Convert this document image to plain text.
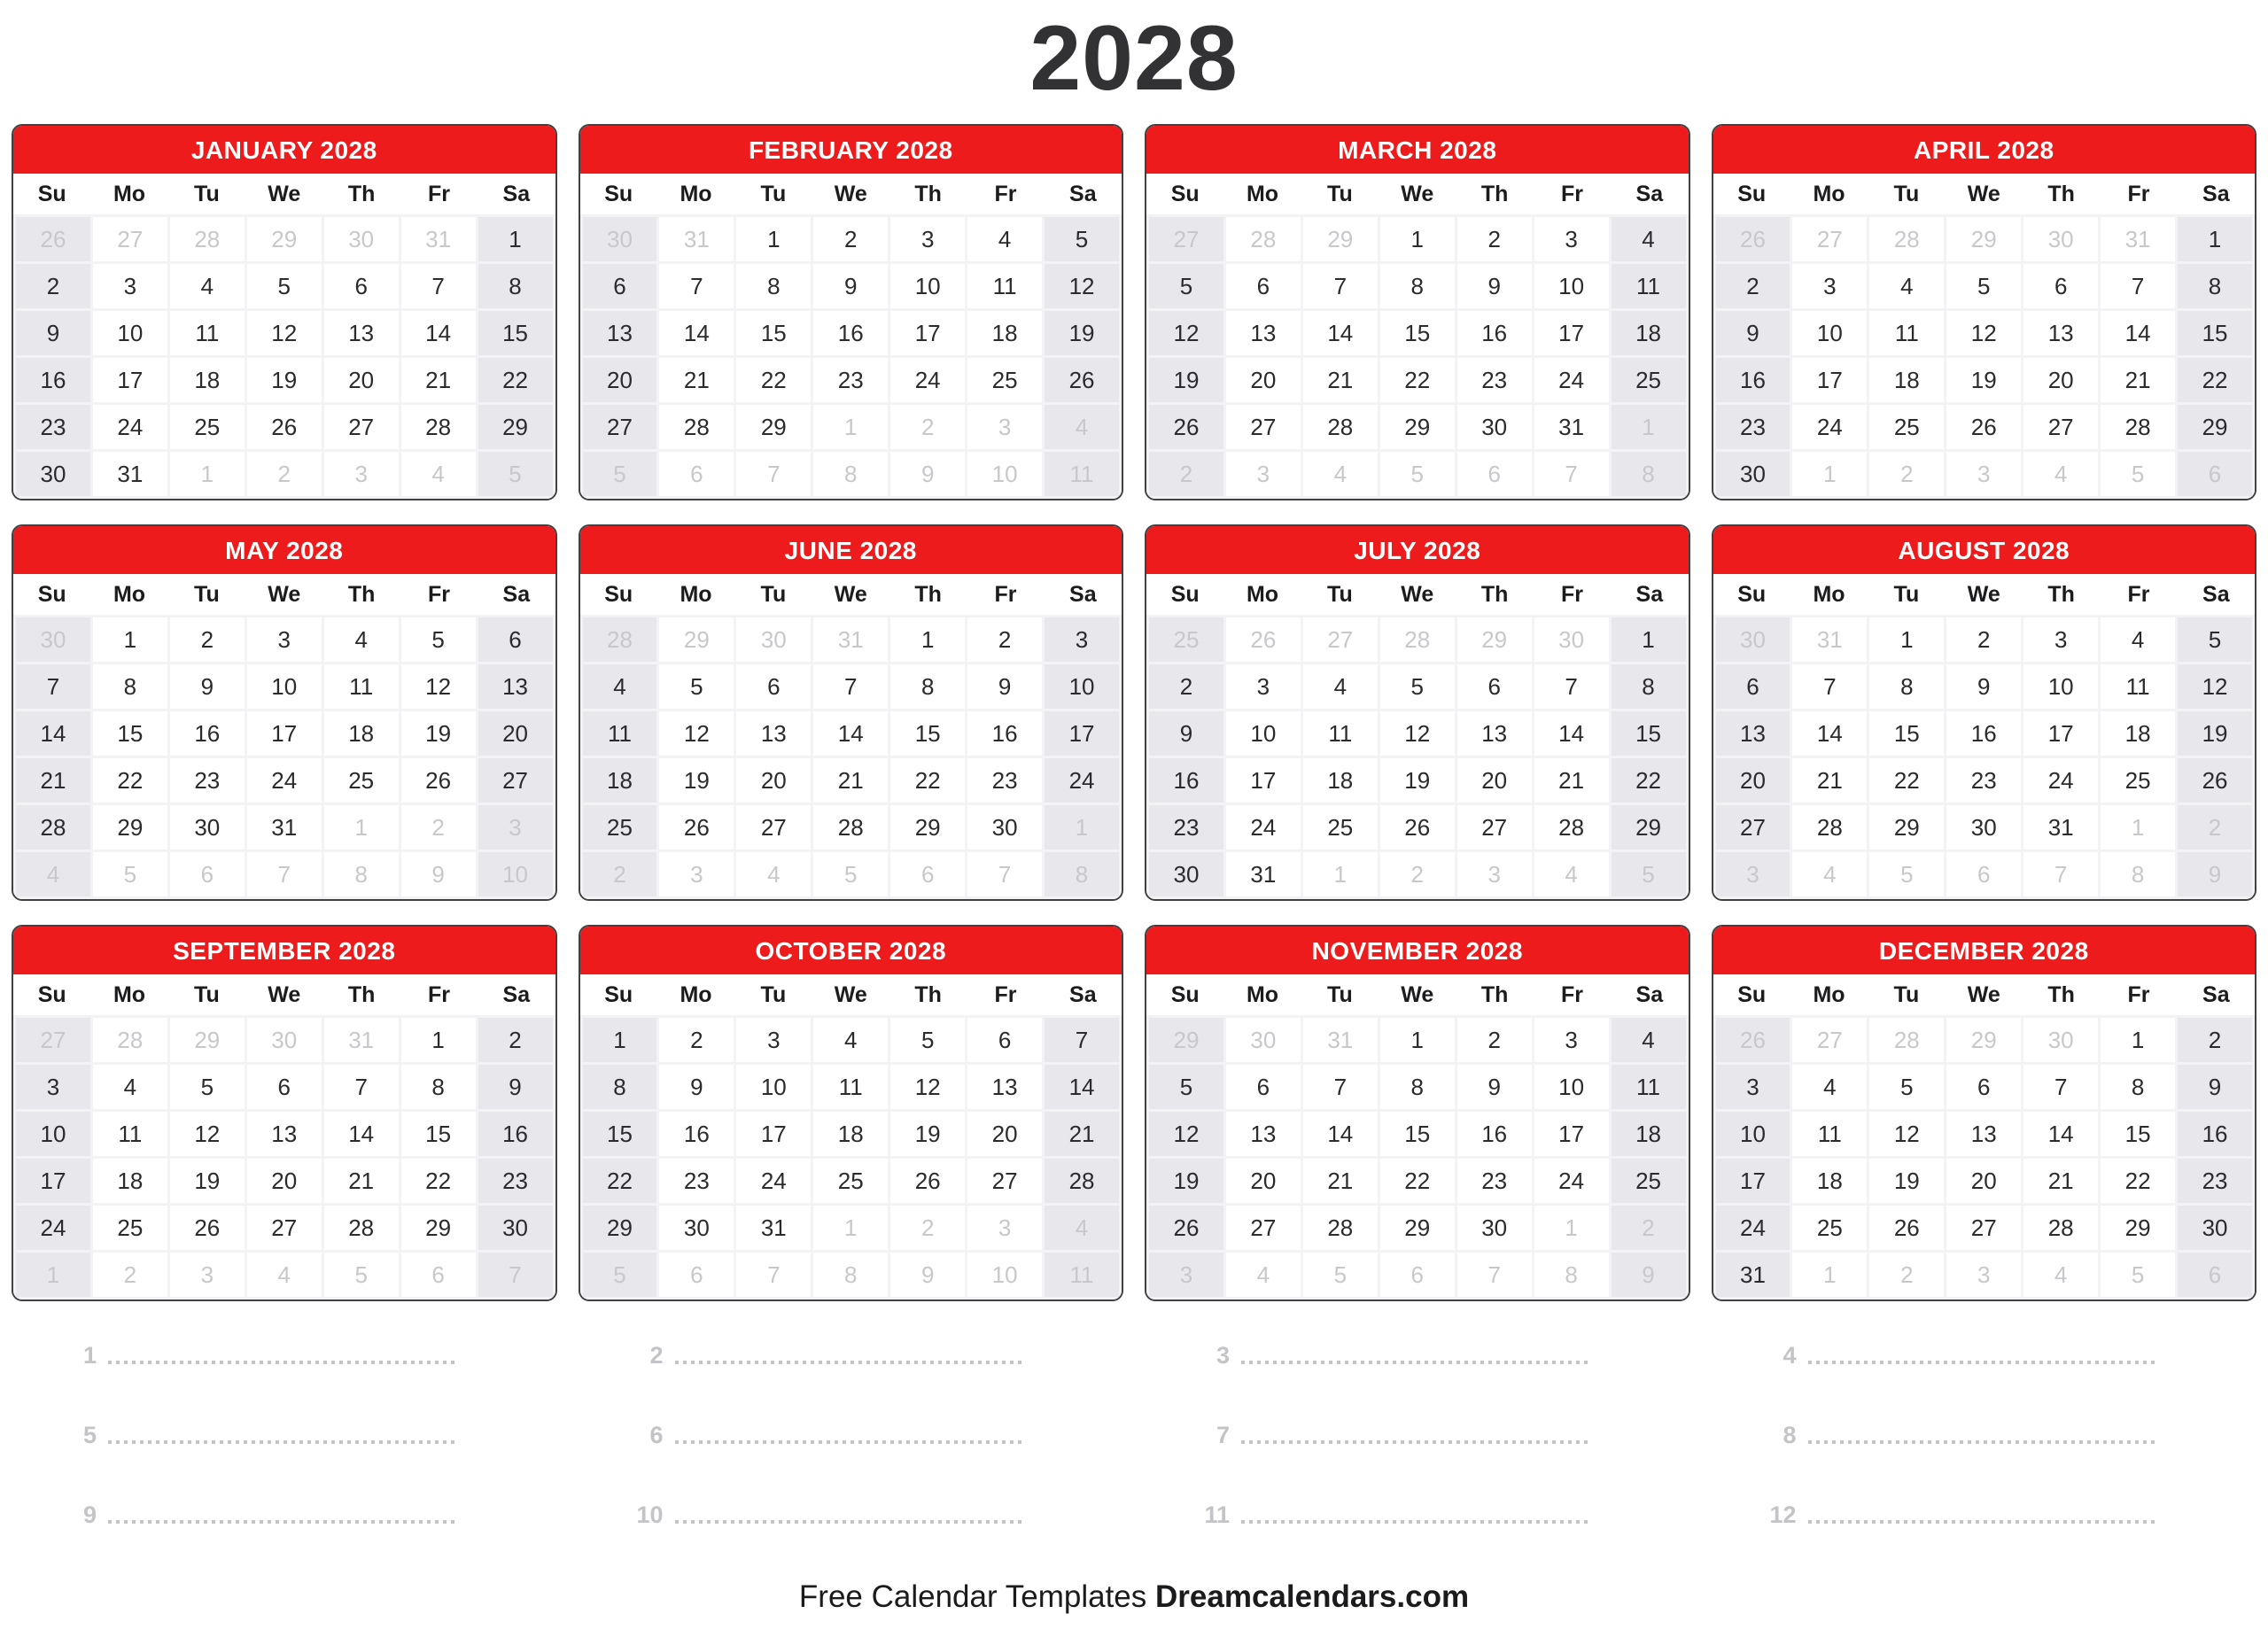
2028
JANUARY 2028
Su	Mo	Tu	We	Th	Fr	Sa
26	27	28	29	30	31	1
2	3	4	5	6	7	8
9	10	11	12	13	14	15
16	17	18	19	20	21	22
23	24	25	26	27	28	29
30	31	1	2	3	4	5
FEBRUARY 2028
Su	Mo	Tu	We	Th	Fr	Sa
30	31	1	2	3	4	5
6	7	8	9	10	11	12
13	14	15	16	17	18	19
20	21	22	23	24	25	26
27	28	29	1	2	3	4
5	6	7	8	9	10	11
MARCH 2028
Su	Mo	Tu	We	Th	Fr	Sa
27	28	29	1	2	3	4
5	6	7	8	9	10	11
12	13	14	15	16	17	18
19	20	21	22	23	24	25
26	27	28	29	30	31	1
2	3	4	5	6	7	8
APRIL 2028
Su	Mo	Tu	We	Th	Fr	Sa
26	27	28	29	30	31	1
2	3	4	5	6	7	8
9	10	11	12	13	14	15
16	17	18	19	20	21	22
23	24	25	26	27	28	29
30	1	2	3	4	5	6
MAY 2028
Su	Mo	Tu	We	Th	Fr	Sa
30	1	2	3	4	5	6
7	8	9	10	11	12	13
14	15	16	17	18	19	20
21	22	23	24	25	26	27
28	29	30	31	1	2	3
4	5	6	7	8	9	10
JUNE 2028
Su	Mo	Tu	We	Th	Fr	Sa
28	29	30	31	1	2	3
4	5	6	7	8	9	10
11	12	13	14	15	16	17
18	19	20	21	22	23	24
25	26	27	28	29	30	1
2	3	4	5	6	7	8
JULY 2028
Su	Mo	Tu	We	Th	Fr	Sa
25	26	27	28	29	30	1
2	3	4	5	6	7	8
9	10	11	12	13	14	15
16	17	18	19	20	21	22
23	24	25	26	27	28	29
30	31	1	2	3	4	5
AUGUST 2028
Su	Mo	Tu	We	Th	Fr	Sa
30	31	1	2	3	4	5
6	7	8	9	10	11	12
13	14	15	16	17	18	19
20	21	22	23	24	25	26
27	28	29	30	31	1	2
3	4	5	6	7	8	9
SEPTEMBER 2028
Su	Mo	Tu	We	Th	Fr	Sa
27	28	29	30	31	1	2
3	4	5	6	7	8	9
10	11	12	13	14	15	16
17	18	19	20	21	22	23
24	25	26	27	28	29	30
1	2	3	4	5	6	7
OCTOBER 2028
Su	Mo	Tu	We	Th	Fr	Sa
1	2	3	4	5	6	7
8	9	10	11	12	13	14
15	16	17	18	19	20	21
22	23	24	25	26	27	28
29	30	31	1	2	3	4
5	6	7	8	9	10	11
NOVEMBER 2028
Su	Mo	Tu	We	Th	Fr	Sa
29	30	31	1	2	3	4
5	6	7	8	9	10	11
12	13	14	15	16	17	18
19	20	21	22	23	24	25
26	27	28	29	30	1	2
3	4	5	6	7	8	9
DECEMBER 2028
Su	Mo	Tu	We	Th	Fr	Sa
26	27	28	29	30	1	2
3	4	5	6	7	8	9
10	11	12	13	14	15	16
17	18	19	20	21	22	23
24	25	26	27	28	29	30
31	1	2	3	4	5	6
1	2	3	4
5	6	7	8
9	10	11	12
Free Calendar Templates Dreamcalendars.com
